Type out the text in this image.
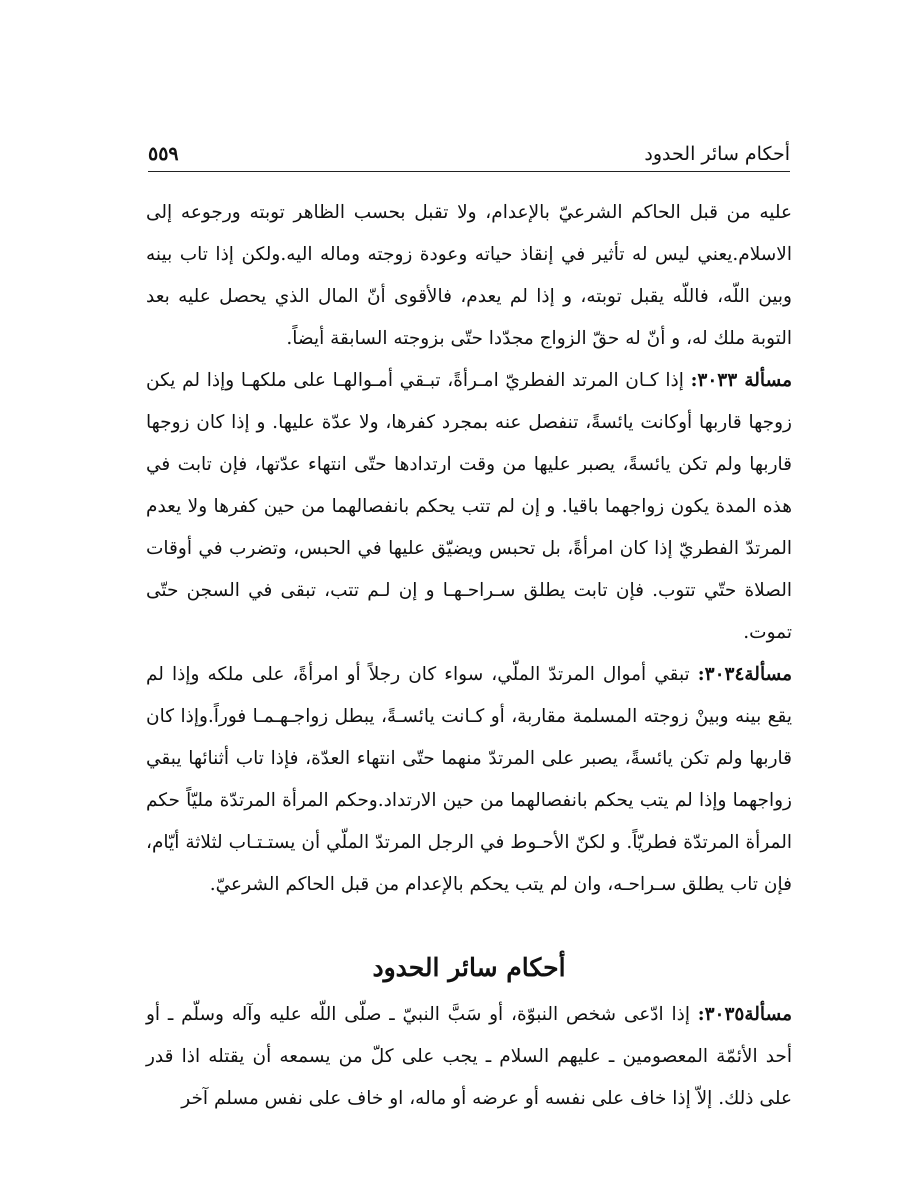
٥٥٩	أحكام سائر الحدود

عليه من قبل الحاكم الشرعيّ بالإعدام، ولا تقبل بحسب الظاهر توبته ورجوعه إلى الاسلام.يعني ليس له تأثير في إنقاذ حياته وعودة زوجته وماله اليه.ولكن إذا تاب بينه وبين اللّه، فاللّه يقبل توبته، و إذا لم يعدم، فالأقوى أنّ المال الذي يحصل عليه بعد التوبة ملك له، و أنّ له حقّ الزواج مجدّدا حتّى بزوجته السابقة أيضاً.

مسألة ٣٠٣٣: إذا كـان المرتد الفطريّ امـرأةً، تبـقي أمـوالهـا على ملكهـا وإذا لم يكن زوجها قاربها أوكانت يائسةً، تنفصل عنه بمجرد كفرها، ولا عدّة عليها. و إذا كان زوجها قاربها ولم تكن يائسةً، يصبر عليها من وقت ارتدادها حتّى انتهاء عدّتها، فإن تابت في هذه المدة يكون زواجهما باقيا. و إن لم تتب يحكم بانفصالهما من حين كفرها ولا يعدم المرتدّ الفطريّ إذا كان امرأةً، بل تحبس ويضيّق عليها في الحبس، وتضرب في أوقات الصلاة حتّي تتوب. فإن تابت يطلق سـراحـهـا و إن لـم تتب، تبقى في السجن حتّى تموت.

مسألة٣٠٣٤: تبقي أموال المرتدّ الملّي، سواء كان رجلاً أو امرأةً، على ملكه وإذا لم يقع بينه وبينْ زوجته المسلمة مقاربة، أو كـانت يائسـةً، يبطل زواجـهـمـا فوراً.وإذا كان قاربها ولم تكن يائسةً، يصبر على المرتدّ منهما حتّى انتهاء العدّة، فإذا تاب أثنائها يبقي زواجهما وإذا لم يتب يحكم بانفصالهما من حين الارتداد.وحكم المرأة المرتدّة مليّاً حكم المرأة المرتدّة فطريّاً. و لكنّ الأحـوط في الرجل المرتدّ الملّي أن يستـتـاب لثلاثة أيّام، فإن تاب يطلق سـراحـه، وان لم يتب يحكم بالإعدام من قبل الحاكم الشرعيّ.

أحكام سائر الحدود

مسألة٣٠٣٥: إذا ادّعى شخص النبوّة، أو سَبَّ النبيّ ـ صلّى اللّه عليه وآله وسلّم ـ أو أحد الأئمّة المعصومين ـ عليهم السلام ـ يجب على كلّ من يسمعه أن يقتله اذا قدر على ذلك. إلاّ إذا خاف على نفسه أو عرضه أو ماله، او خاف على نفس مسلم آخر
